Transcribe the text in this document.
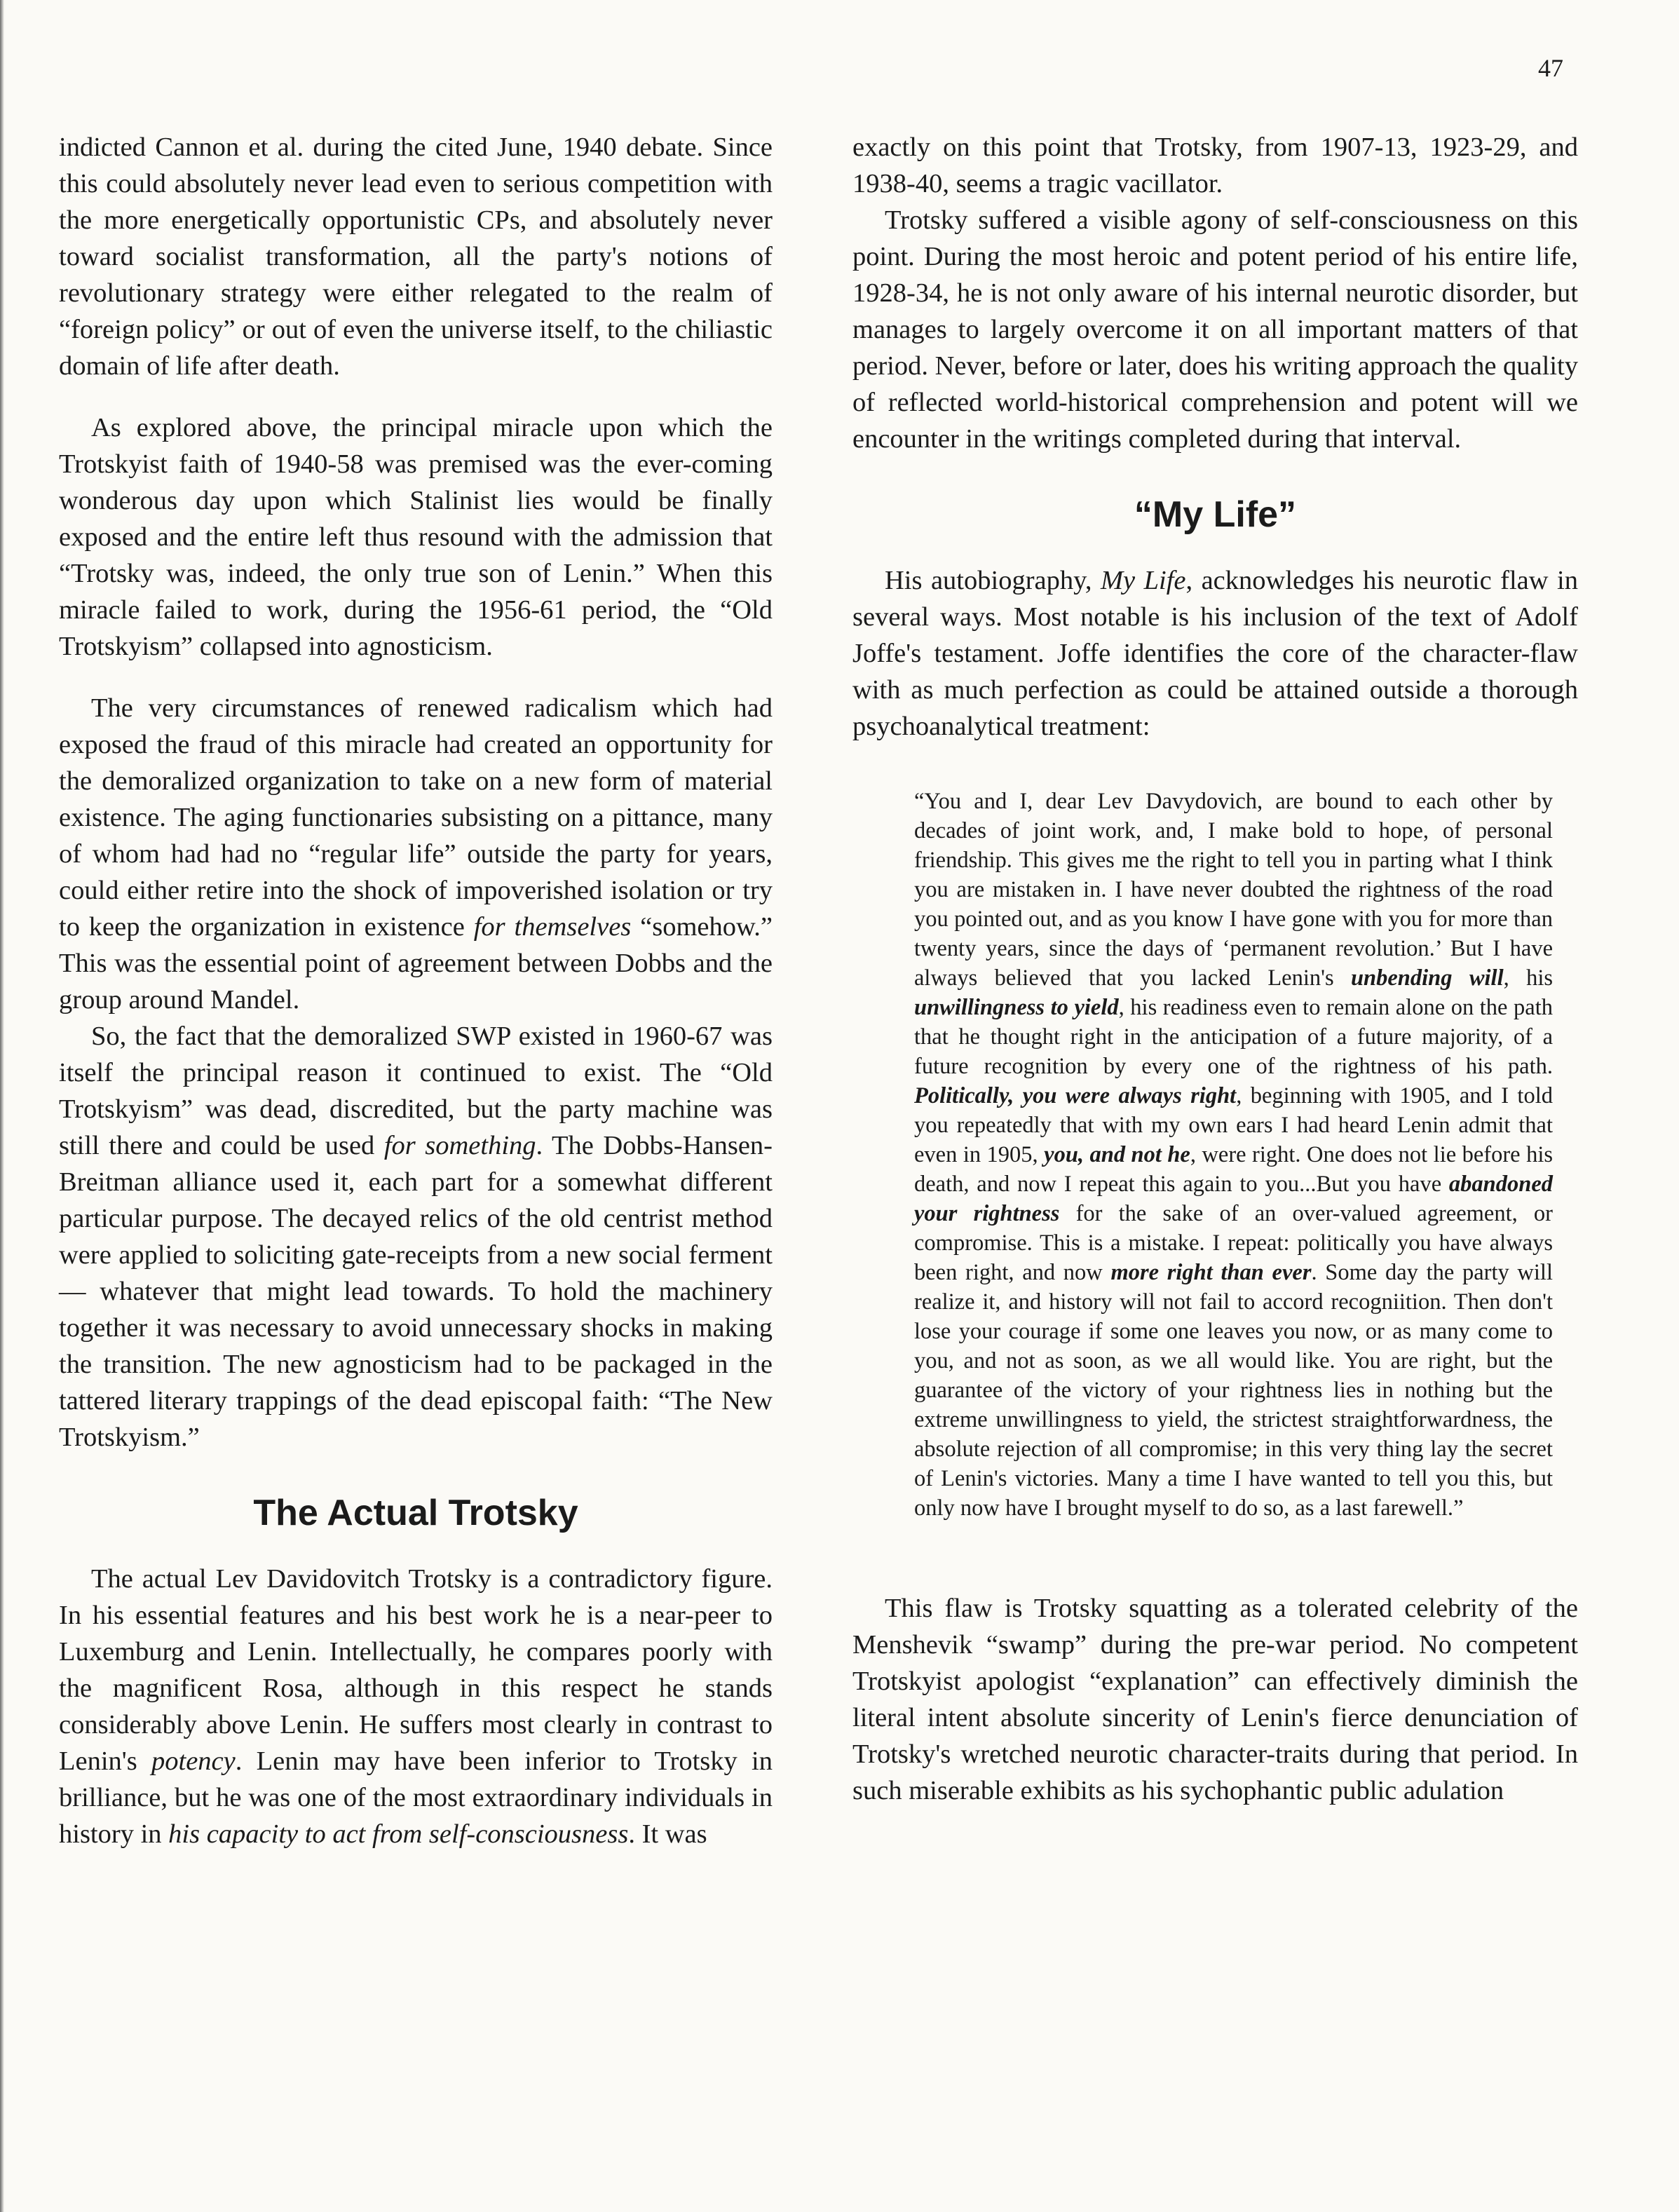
47

indicted Cannon et al. during the cited June, 1940 debate. Since this could absolutely never lead even to serious competition with the more energetically opportunistic CPs, and absolutely never toward socialist transformation, all the party's notions of revolutionary strategy were either relegated to the realm of “foreign policy” or out of even the universe itself, to the chiliastic domain of life after death.

As explored above, the principal miracle upon which the Trotskyist faith of 1940-58 was premised was the ever-coming wonderous day upon which Stalinist lies would be finally exposed and the entire left thus resound with the admission that “Trotsky was, indeed, the only true son of Lenin.” When this miracle failed to work, during the 1956-61 period, the “Old Trotskyism” collapsed into agnosticism.

The very circumstances of renewed radicalism which had exposed the fraud of this miracle had created an opportunity for the demoralized organization to take on a new form of material existence. The aging functionaries subsisting on a pittance, many of whom had had no “regular life” outside the party for years, could either retire into the shock of impoverished isolation or try to keep the organization in existence for themselves “somehow.” This was the essential point of agreement between Dobbs and the group around Mandel.

So, the fact that the demoralized SWP existed in 1960-67 was itself the principal reason it continued to exist. The “Old Trotskyism” was dead, discredited, but the party machine was still there and could be used for something. The Dobbs-Hansen-Breitman alliance used it, each part for a somewhat different particular purpose. The decayed relics of the old centrist method were applied to soliciting gate-receipts from a new social ferment — whatever that might lead towards. To hold the machinery together it was necessary to avoid unnecessary shocks in making the transition. The new agnosticism had to be packaged in the tattered literary trappings of the dead episcopal faith: “The New Trotskyism.”

The Actual Trotsky

The actual Lev Davidovitch Trotsky is a contradictory figure. In his essential features and his best work he is a near-peer to Luxemburg and Lenin. Intellectually, he compares poorly with the magnificent Rosa, although in this respect he stands considerably above Lenin. He suffers most clearly in contrast to Lenin's potency. Lenin may have been inferior to Trotsky in brilliance, but he was one of the most extraordinary individuals in history in his capacity to act from self-consciousness. It was

exactly on this point that Trotsky, from 1907-13, 1923-29, and 1938-40, seems a tragic vacillator.

Trotsky suffered a visible agony of self-consciousness on this point. During the most heroic and potent period of his entire life, 1928-34, he is not only aware of his internal neurotic disorder, but manages to largely overcome it on all important matters of that period. Never, before or later, does his writing approach the quality of reflected world-historical comprehension and potent will we encounter in the writings completed during that interval.

“My Life”

His autobiography, My Life, acknowledges his neurotic flaw in several ways. Most notable is his inclusion of the text of Adolf Joffe's testament. Joffe identifies the core of the character-flaw with as much perfection as could be attained outside a thorough psychoanalytical treatment:

“You and I, dear Lev Davydovich, are bound to each other by decades of joint work, and, I make bold to hope, of personal friendship. This gives me the right to tell you in parting what I think you are mistaken in. I have never doubted the rightness of the road you pointed out, and as you know I have gone with you for more than twenty years, since the days of ‘permanent revolution.’ But I have always believed that you lacked Lenin's unbending will, his unwillingness to yield, his readiness even to remain alone on the path that he thought right in the anticipation of a future majority, of a future recognition by every one of the rightness of his path. Politically, you were always right, beginning with 1905, and I told you repeatedly that with my own ears I had heard Lenin admit that even in 1905, you, and not he, were right. One does not lie before his death, and now I repeat this again to you...But you have abandoned your rightness for the sake of an over-valued agreement, or compromise. This is a mistake. I repeat: politically you have always been right, and now more right than ever. Some day the party will realize it, and history will not fail to accord recogniition. Then don't lose your courage if some one leaves you now, or as many come to you, and not as soon, as we all would like. You are right, but the guarantee of the victory of your rightness lies in nothing but the extreme unwillingness to yield, the strictest straightforwardness, the absolute rejection of all compromise; in this very thing lay the secret of Lenin's victories. Many a time I have wanted to tell you this, but only now have I brought myself to do so, as a last farewell.”

This flaw is Trotsky squatting as a tolerated celebrity of the Menshevik “swamp” during the pre-war period. No competent Trotskyist apologist “explanation” can effectively diminish the literal intent absolute sincerity of Lenin's fierce denunciation of Trotsky's wretched neurotic character-traits during that period. In such miserable exhibits as his sychophantic public adulation
